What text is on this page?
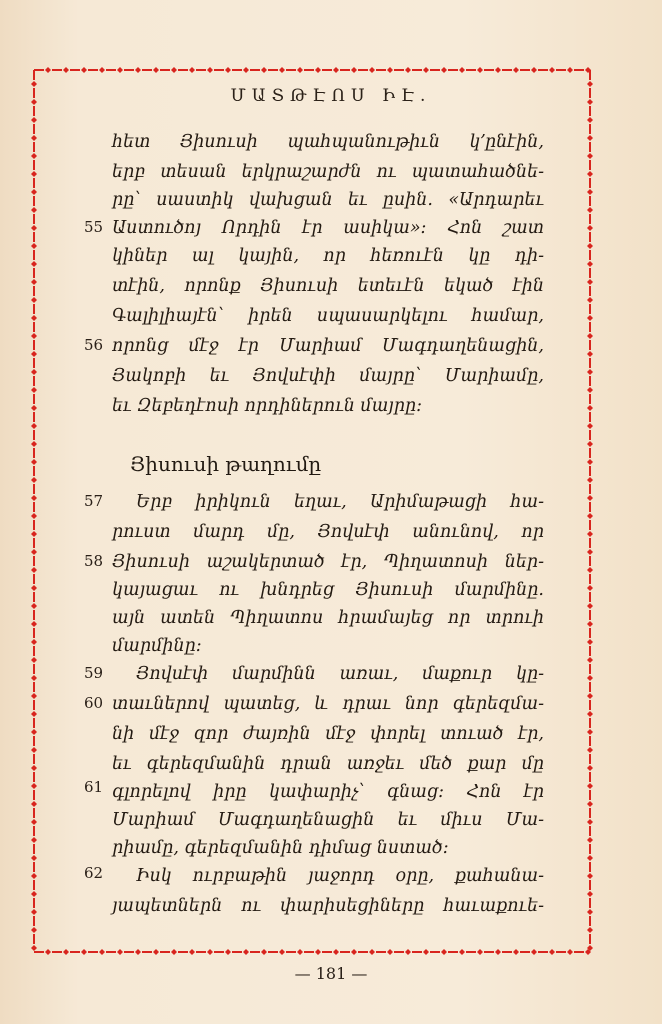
ՄԱՏԹԷՈՍ ԻԷ.
55
56
57
58
59
60
61
62
հետ Յիսուսի պահպանութիւն կ՚ընէին,
երբ տեսան երկրաշարժն ու պատահածնե-
րը՝ սաստիկ վախցան եւ ըսին. «Արդարեւ
Աստուծոյ Որդին էր ասիկա»: Հոն շատ
կիներ ալ կային, որ հեռուէն կը դի-
տէին, որոնք Յիսուսի ետեւէն եկած էին
Գալիլիայէն՝ իրեն սպասարկելու համար,
որոնց մէջ էր Մարիամ Մագդաղենացին,
Յակոբի եւ Յովսէփի մայրը՝ Մարիամը,
եւ Զեբեդէոսի որդիներուն մայրը:
Երբ իրիկուն եղաւ, Արիմաթացի հա-
րուստ մարդ մը, Յովսէփ անունով, որ
Յիսուսի աշակերտած էր, Պիղատոսի ներ-
կայացաւ ու խնդրեց Յիսուսի մարմինը.
այն ատեն Պիղատոս հրամայեց որ տրուի
մարմինը:
Յովսէփ մարմինն առաւ, մաքուր կը-
տաւներով պատեց, և դրաւ նոր գերեզմա-
նի մէջ զոր ժայռին մէջ փորել տուած էր,
եւ գերեզմանին դրան առջեւ մեծ քար մը
գլորելով իրը կափարիչ՝ գնաց: Հոն էր
Մարիամ Մագդաղենացին եւ միւս Մա-
րիամը, գերեզմանին դիմաց նստած:
Իսկ ուրբաթին յաջորդ օրը, քահանա-
յապետներն ու փարիսեցիները հաւաքուե-
Յիսուսի թաղումը
— 181 —
